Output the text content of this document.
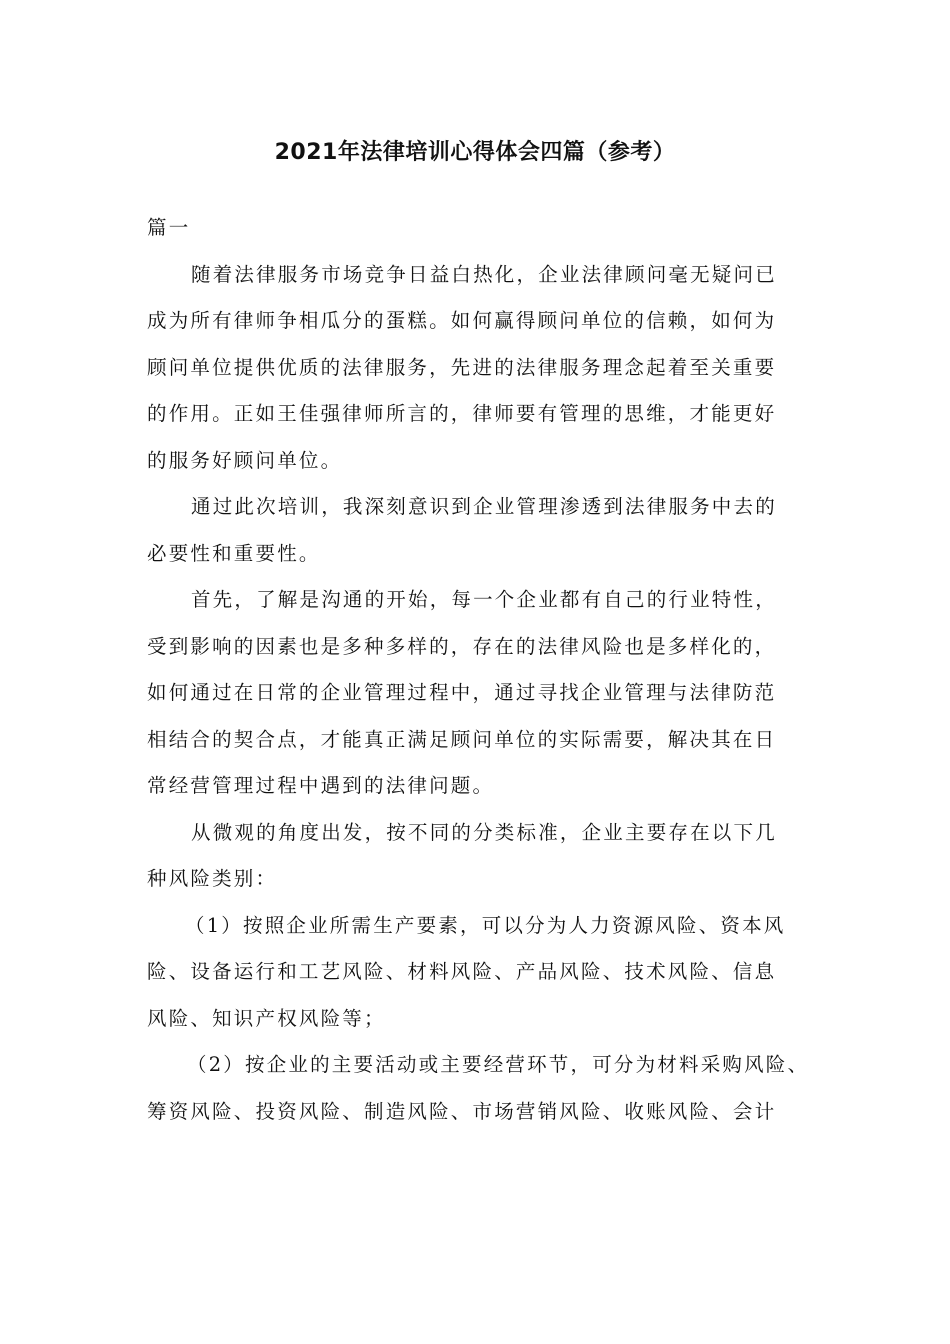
2021年法律培训心得体会四篇（参考）
篇一
随着法律服务市场竞争日益白热化，企业法律顾问毫无疑问已
成为所有律师争相瓜分的蛋糕。如何赢得顾问单位的信赖，如何为
顾问单位提供优质的法律服务，先进的法律服务理念起着至关重要
的作用。正如王佳强律师所言的，律师要有管理的思维，才能更好
的服务好顾问单位。
通过此次培训，我深刻意识到企业管理渗透到法律服务中去的
必要性和重要性。
首先，了解是沟通的开始，每一个企业都有自己的行业特性，
受到影响的因素也是多种多样的，存在的法律风险也是多样化的，
如何通过在日常的企业管理过程中，通过寻找企业管理与法律防范
相结合的契合点，才能真正满足顾问单位的实际需要，解决其在日
常经营管理过程中遇到的法律问题。
从微观的角度出发，按不同的分类标准，企业主要存在以下几
种风险类别：
（1）按照企业所需生产要素，可以分为人力资源风险、资本风
险、设备运行和工艺风险、材料风险、产品风险、技术风险、信息
风险、知识产权风险等；
（2）按企业的主要活动或主要经营环节，可分为材料采购风险、
筹资风险、投资风险、制造风险、市场营销风险、收账风险、会计
